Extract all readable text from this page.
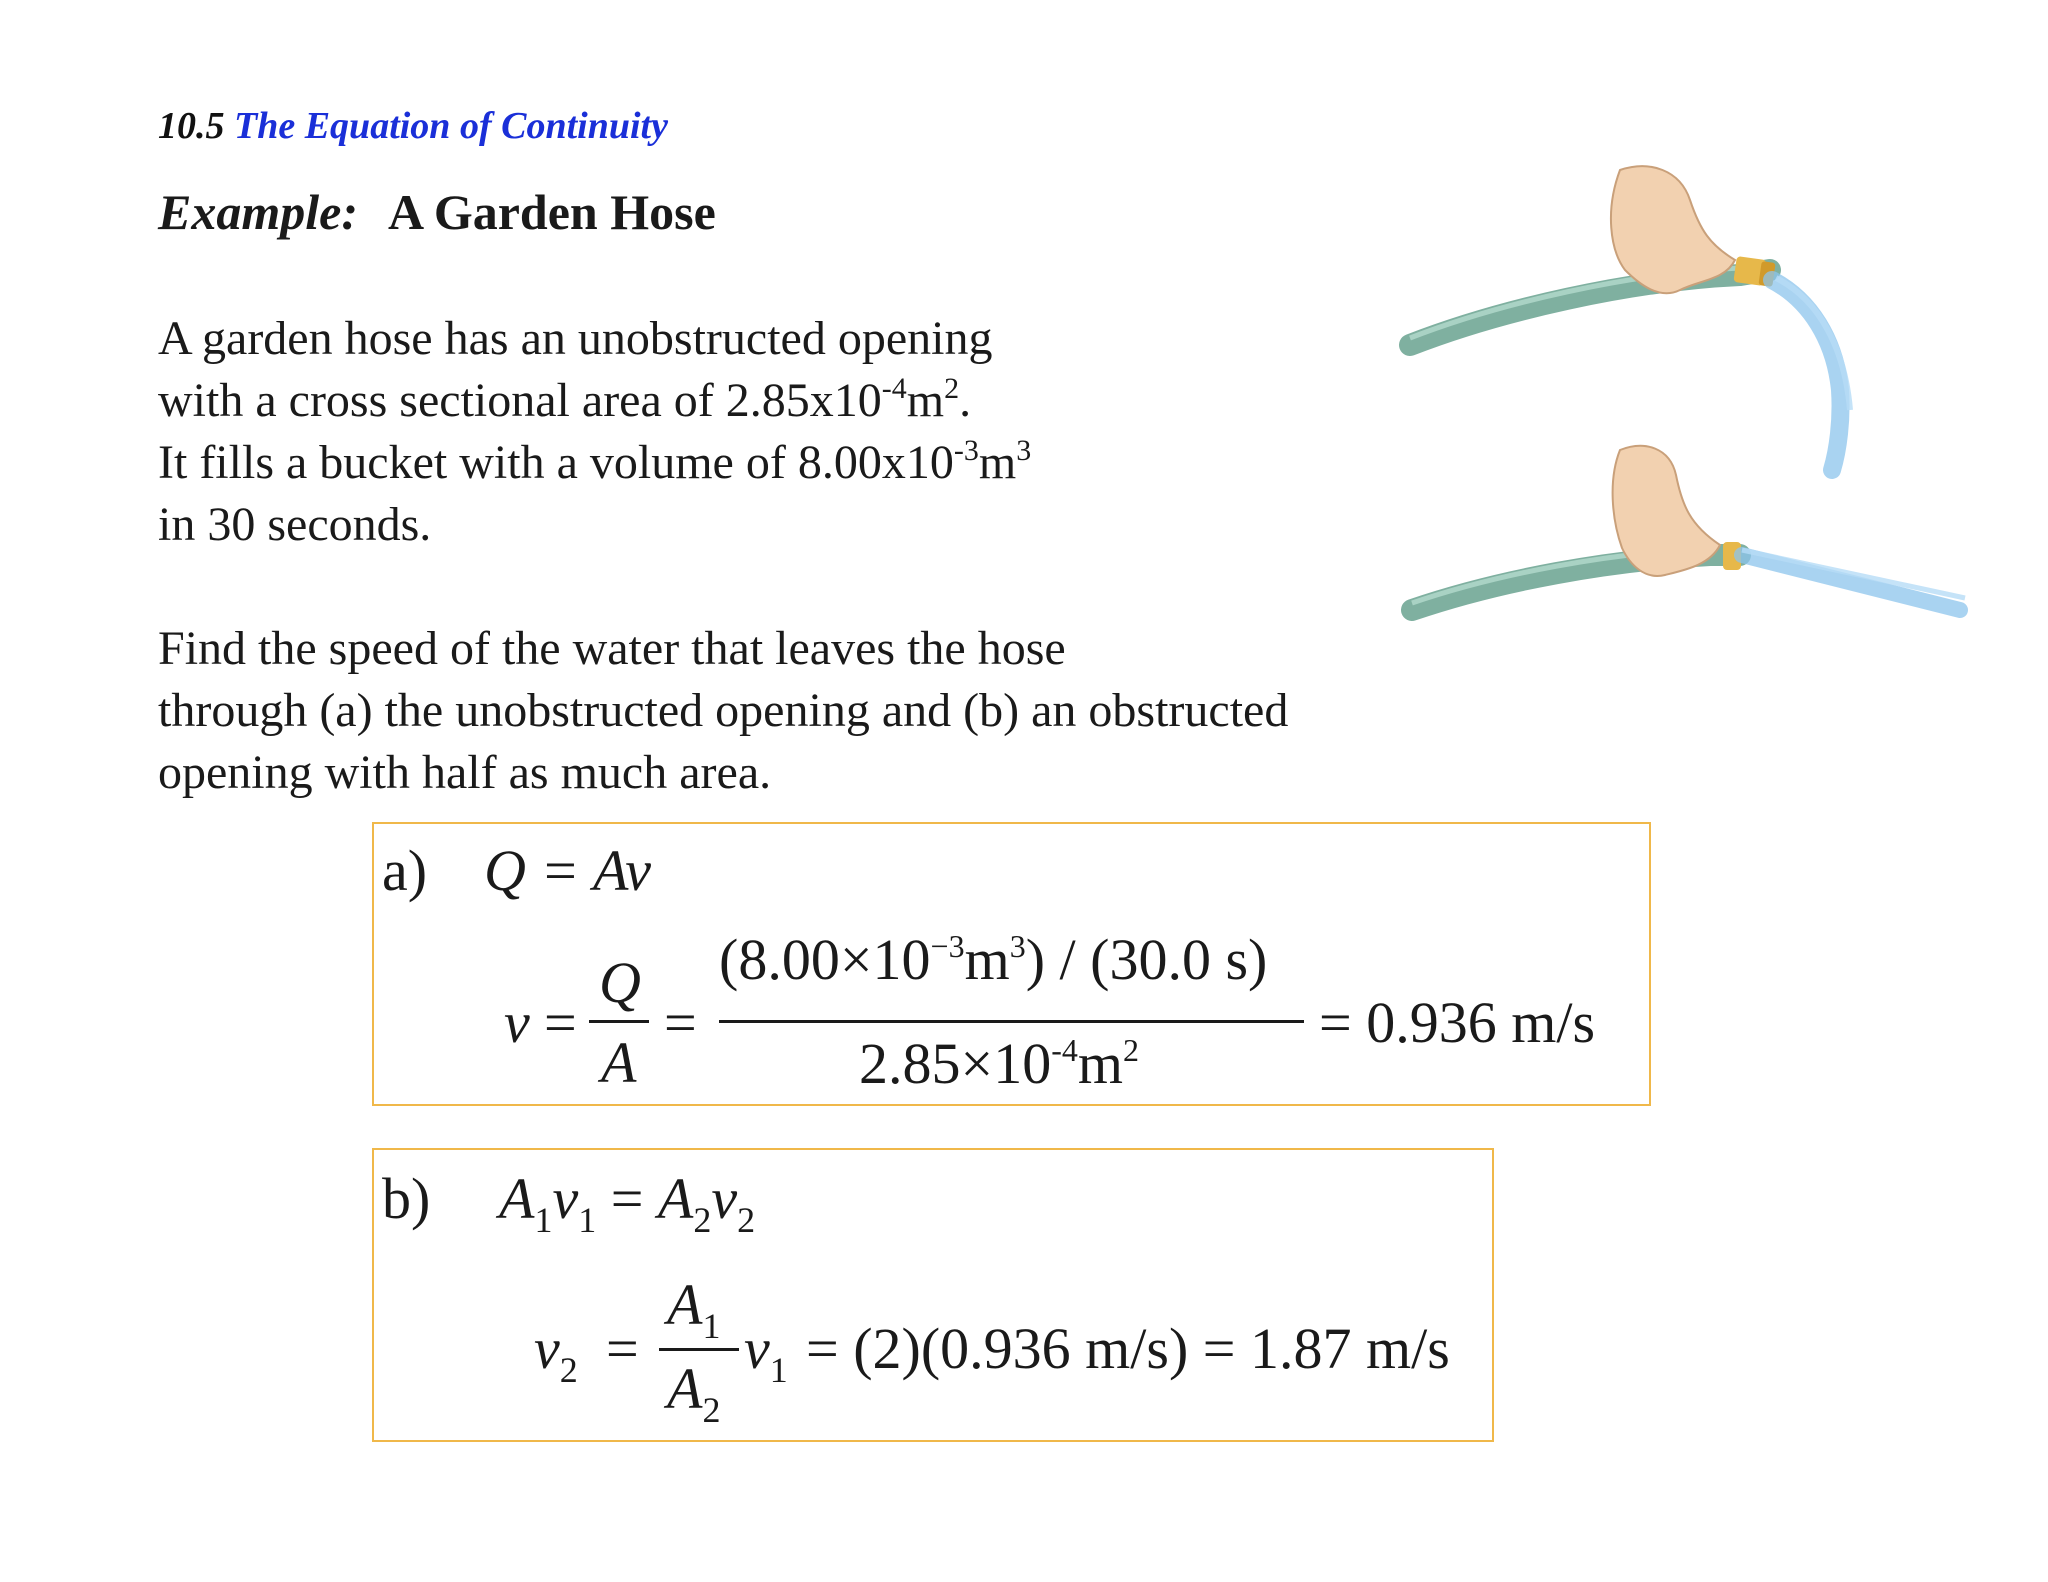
10.5 The Equation of Continuity
Example: A Garden Hose
A garden hose has an unobstructed opening
with a cross sectional area of $2.85x10^{-4}m^2$.
It fills a bucket with a volume of $8.00x10^{-3}m^3$
in 30 seconds.
Find the speed of the water that leaves the hose
through (a) the unobstructed opening and (b) an obstructed
opening with half as much area.
a) Q = Av
v =
Q
A
=
$(8.00\times 10^{-3}m^3) / (30.0$ s)
$2.85\times 10^{-4}m^2$	= 0.936 m/s
b) $A_1v_1 = A_2v_2$
$v_2$ =
$A_1$
$A_2$
$v_1 = (2)(0.936$ m/s) = 1.87 m/s
